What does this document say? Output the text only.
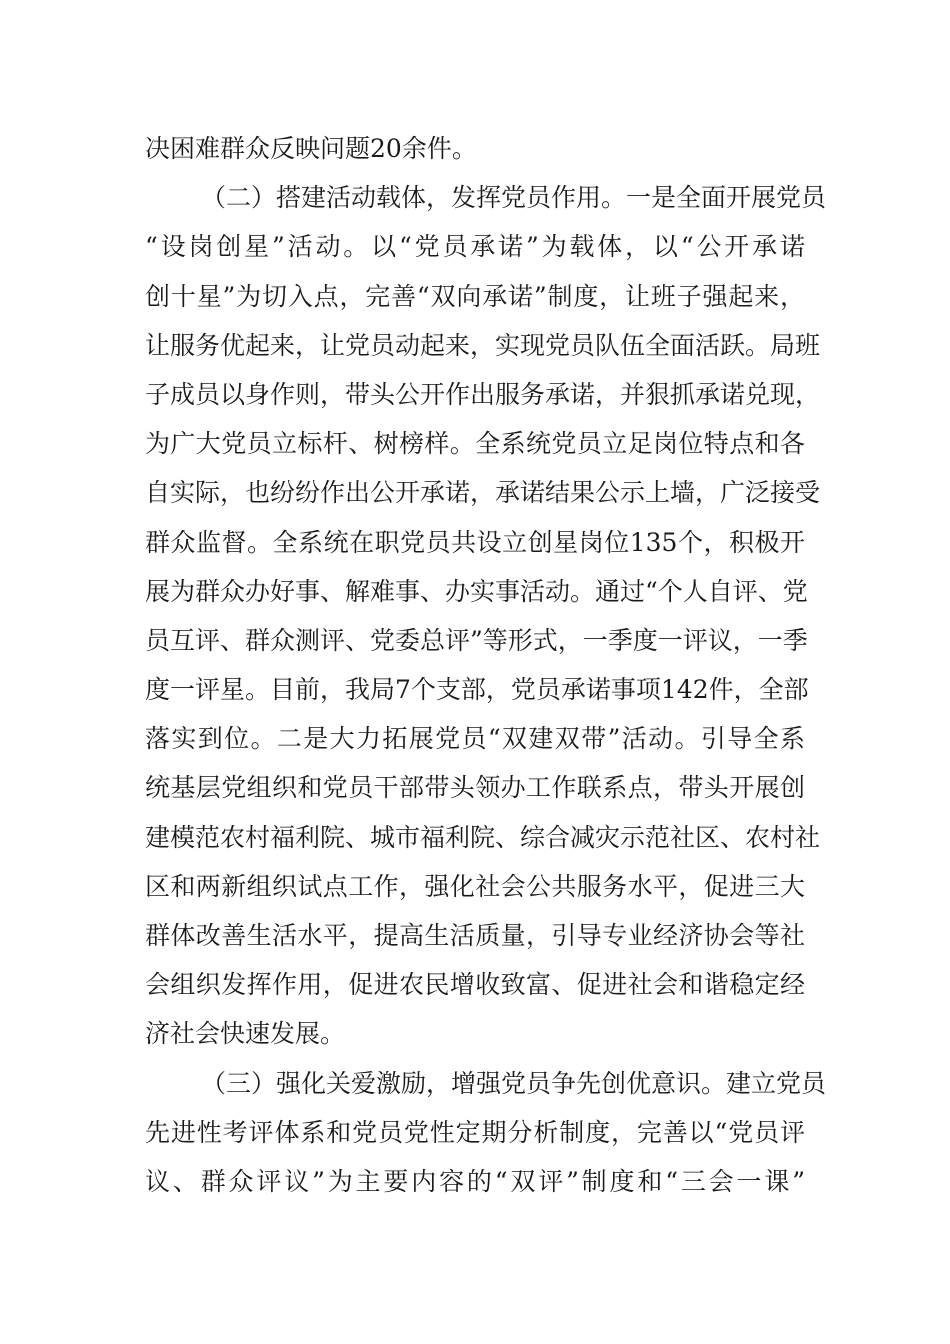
决困难群众反映问题20余件。
（二）搭建活动载体，发挥党员作用。一是全面开展党员
“设岗创星”活动。以“党员承诺”为载体，以“公开承诺
创十星”为切入点，完善“双向承诺”制度，让班子强起来，
让服务优起来，让党员动起来，实现党员队伍全面活跃。局班
子成员以身作则，带头公开作出服务承诺，并狠抓承诺兑现，
为广大党员立标杆、树榜样。全系统党员立足岗位特点和各
自实际，也纷纷作出公开承诺，承诺结果公示上墙，广泛接受
群众监督。全系统在职党员共设立创星岗位135个，积极开
展为群众办好事、解难事、办实事活动。通过“个人自评、党
员互评、群众测评、党委总评”等形式，一季度一评议，一季
度一评星。目前，我局7个支部，党员承诺事项142件，全部
落实到位。二是大力拓展党员“双建双带”活动。引导全系
统基层党组织和党员干部带头领办工作联系点，带头开展创
建模范农村福利院、城市福利院、综合减灾示范社区、农村社
区和两新组织试点工作，强化社会公共服务水平，促进三大
群体改善生活水平，提高生活质量，引导专业经济协会等社
会组织发挥作用，促进农民增收致富、促进社会和谐稳定经
济社会快速发展。
（三）强化关爱激励，增强党员争先创优意识。建立党员
先进性考评体系和党员党性定期分析制度，完善以“党员评
议、群众评议”为主要内容的“双评”制度和“三会一课”
